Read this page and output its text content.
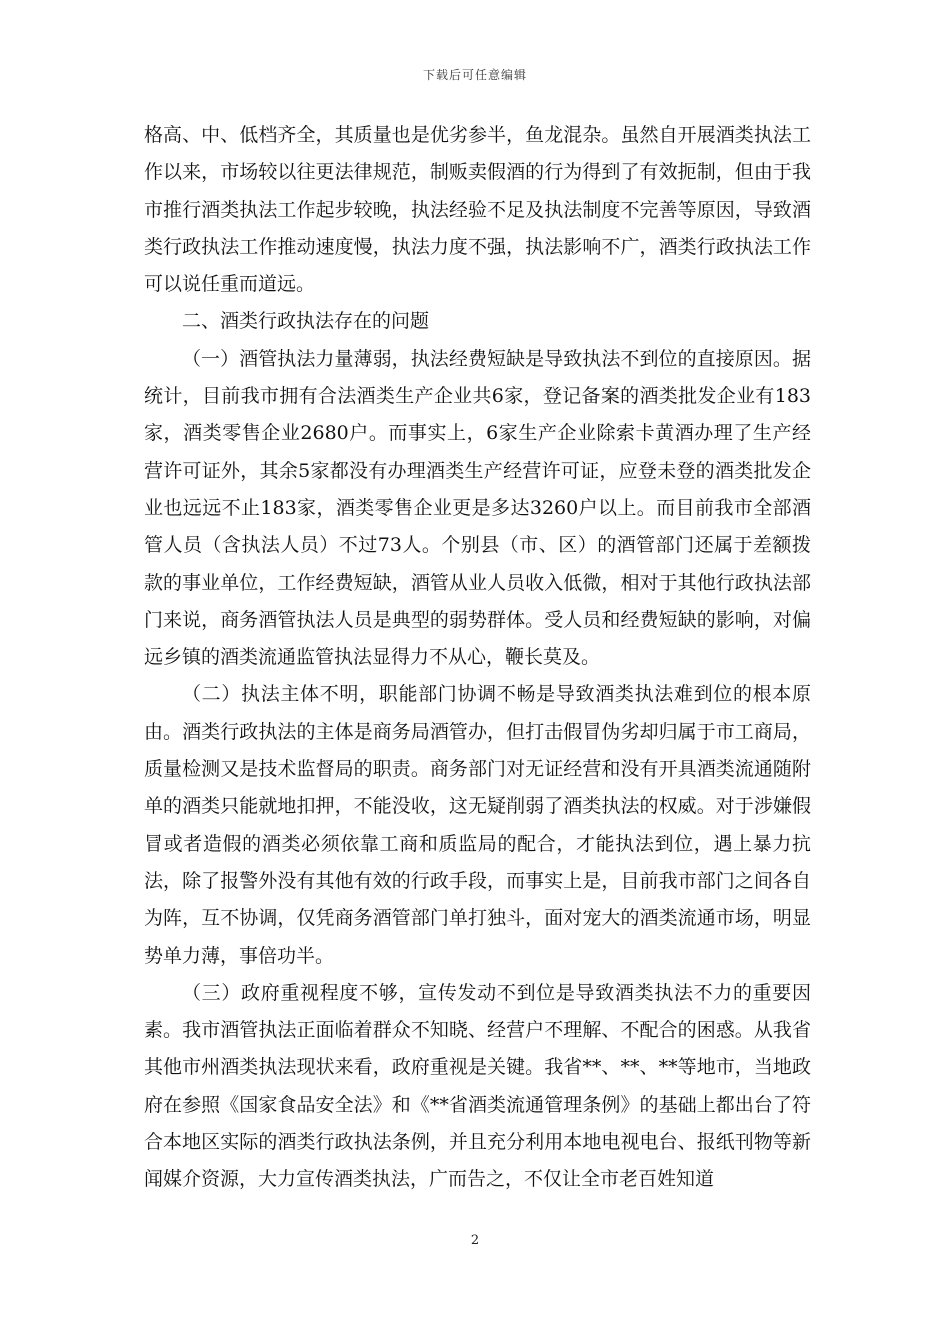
下载后可任意编辑

格高、中、低档齐全，其质量也是优劣参半，鱼龙混杂。虽然自开展酒类执法工作以来，市场较以往更法律规范，制贩卖假酒的行为得到了有效扼制，但由于我市推行酒类执法工作起步较晚，执法经验不足及执法制度不完善等原因，导致酒类行政执法工作推动速度慢，执法力度不强，执法影响不广，酒类行政执法工作可以说任重而道远。

二、酒类行政执法存在的问题

（一）酒管执法力量薄弱，执法经费短缺是导致执法不到位的直接原因。据统计，目前我市拥有合法酒类生产企业共6家，登记备案的酒类批发企业有183家，酒类零售企业2680户。而事实上，6家生产企业除索卡黄酒办理了生产经营许可证外，其余5家都没有办理酒类生产经营许可证，应登未登的酒类批发企业也远远不止183家，酒类零售企业更是多达3260户以上。而目前我市全部酒管人员（含执法人员）不过73人。个别县（市、区）的酒管部门还属于差额拨款的事业单位，工作经费短缺，酒管从业人员收入低微，相对于其他行政执法部门来说，商务酒管执法人员是典型的弱势群体。受人员和经费短缺的影响，对偏远乡镇的酒类流通监管执法显得力不从心，鞭长莫及。

（二）执法主体不明，职能部门协调不畅是导致酒类执法难到位的根本原由。酒类行政执法的主体是商务局酒管办，但打击假冒伪劣却归属于市工商局，质量检测又是技术监督局的职责。商务部门对无证经营和没有开具酒类流通随附单的酒类只能就地扣押，不能没收，这无疑削弱了酒类执法的权威。对于涉嫌假冒或者造假的酒类必须依靠工商和质监局的配合，才能执法到位，遇上暴力抗法，除了报警外没有其他有效的行政手段，而事实上是，目前我市部门之间各自为阵，互不协调，仅凭商务酒管部门单打独斗，面对宠大的酒类流通市场，明显势单力薄，事倍功半。

（三）政府重视程度不够，宣传发动不到位是导致酒类执法不力的重要因素。我市酒管执法正面临着群众不知晓、经营户不理解、不配合的困惑。从我省其他市州酒类执法现状来看，政府重视是关键。我省**、**、**等地市，当地政府在参照《国家食品安全法》和《**省酒类流通管理条例》的基础上都出台了符合本地区实际的酒类行政执法条例，并且充分利用本地电视电台、报纸刊物等新闻媒介资源，大力宣传酒类执法，广而告之，不仅让全市老百姓知道

2
